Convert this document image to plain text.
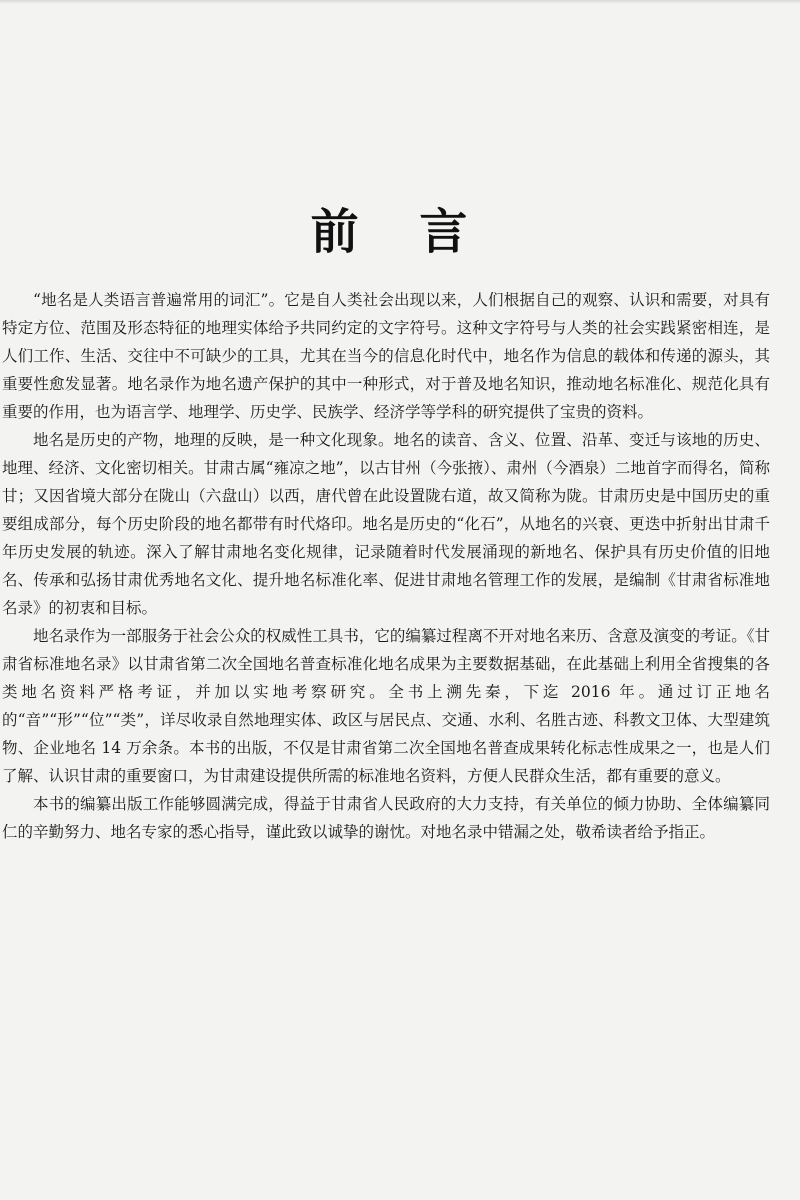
前 言

“地名是人类语言普遍常用的词汇”。它是自人类社会出现以来，人们根据自己的观察、认识和需要，对具有特定方位、范围及形态特征的地理实体给予共同约定的文字符号。这种文字符号与人类的社会实践紧密相连，是人们工作、生活、交往中不可缺少的工具，尤其在当今的信息化时代中，地名作为信息的载体和传递的源头，其重要性愈发显著。地名录作为地名遗产保护的其中一种形式，对于普及地名知识，推动地名标准化、规范化具有重要的作用，也为语言学、地理学、历史学、民族学、经济学等学科的研究提供了宝贵的资料。

地名是历史的产物，地理的反映，是一种文化现象。地名的读音、含义、位置、沿革、变迁与该地的历史、地理、经济、文化密切相关。甘肃古属“雍凉之地”，以古甘州（今张掖）、肃州（今酒泉）二地首字而得名，简称甘；又因省境大部分在陇山（六盘山）以西，唐代曾在此设置陇右道，故又简称为陇。甘肃历史是中国历史的重要组成部分，每个历史阶段的地名都带有时代烙印。地名是历史的“化石”，从地名的兴衰、更迭中折射出甘肃千年历史发展的轨迹。深入了解甘肃地名变化规律，记录随着时代发展涌现的新地名、保护具有历史价值的旧地名、传承和弘扬甘肃优秀地名文化、提升地名标准化率、促进甘肃地名管理工作的发展，是编制《甘肃省标准地名录》的初衷和目标。

地名录作为一部服务于社会公众的权威性工具书，它的编纂过程离不开对地名来历、含意及演变的考证。《甘肃省标准地名录》以甘肃省第二次全国地名普查标准化地名成果为主要数据基础，在此基础上利用全省搜集的各类地名资料严格考证，并加以实地考察研究。全书上溯先秦，下迄 2016 年。通过订正地名的“音”“形”“位”“类”，详尽收录自然地理实体、政区与居民点、交通、水利、名胜古迹、科教文卫体、大型建筑物、企业地名 14 万余条。本书的出版，不仅是甘肃省第二次全国地名普查成果转化标志性成果之一，也是人们了解、认识甘肃的重要窗口，为甘肃建设提供所需的标准地名资料，方便人民群众生活，都有重要的意义。

本书的编纂出版工作能够圆满完成，得益于甘肃省人民政府的大力支持，有关单位的倾力协助、全体编纂同仁的辛勤努力、地名专家的悉心指导，谨此致以诚挚的谢忱。对地名录中错漏之处，敬希读者给予指正。
